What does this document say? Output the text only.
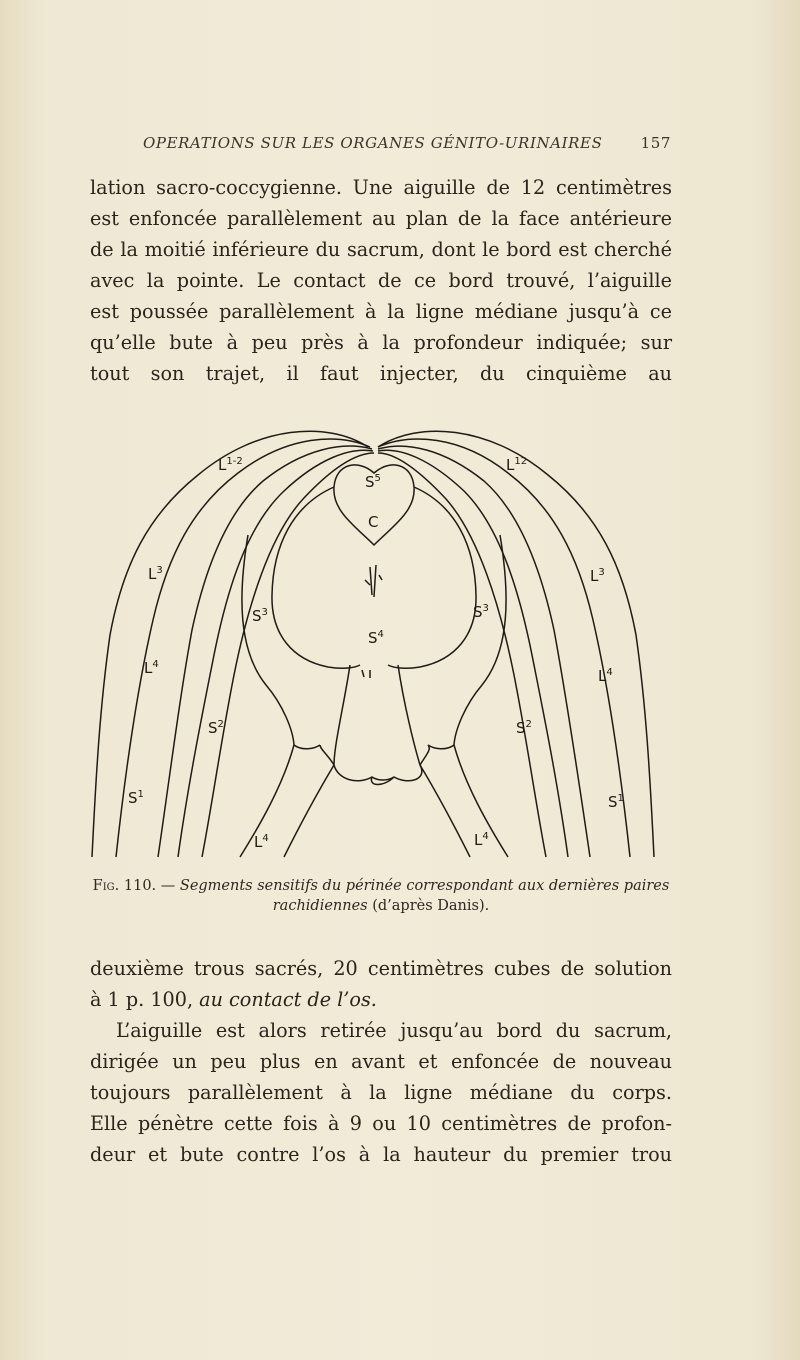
OPERATIONS SUR LES ORGANES GÉNITO-URINAIRES	157
lation sacro-coccygienne. Une aiguille de 12 centimètres
est enfoncée parallèlement au plan de la face antérieure
de la moitié inférieure du sacrum, dont le bord est cherché
avec la pointe. Le contact de ce bord trouvé, l’aiguille
est poussée parallèlement à la ligne médiane jusqu’à ce
qu’elle bute à peu près à la profondeur indiquée; sur
tout son trajet, il faut injecter, du cinquième au
$L^{1-2}$	$L^{12}$
$S^5$
C
$L^3$	$L^3$
$S^3$	$S^3$
$S^4$
$L^4$
$L^4$
$S^2$	$S^2$
$S^1$	$S^1$
$L^4$	$L^4$
Fig. 110. — Segments sensitifs du périnée correspondant aux dernières paires rachidiennes (d’après Danis).
deuxième trous sacrés, 20 centimètres cubes de solution
à 1 p. 100, au contact de l’os.
L’aiguille est alors retirée jusqu’au bord du sacrum,
dirigée un peu plus en avant et enfoncée de nouveau
toujours parallèlement à la ligne médiane du corps.
Elle pénètre cette fois à 9 ou 10 centimètres de profon-
deur et bute contre l’os à la hauteur du premier trou
